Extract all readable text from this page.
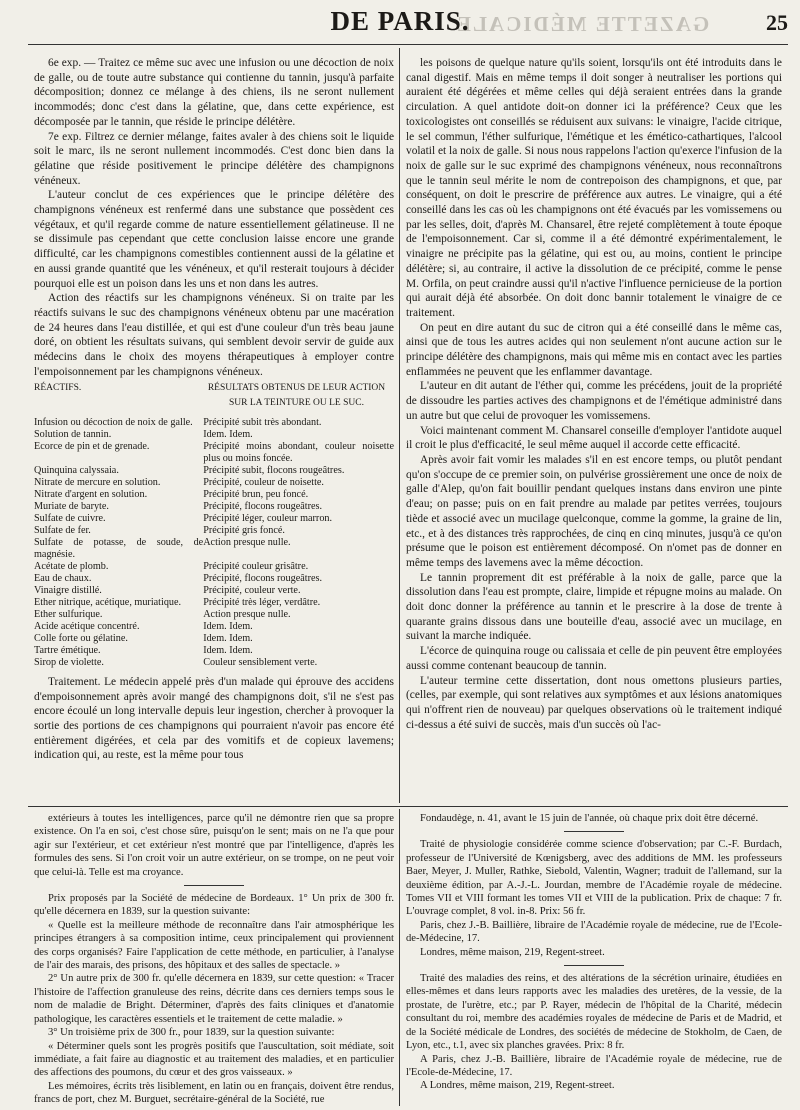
GAZETTE MÉDICALE
DE PARIS.	25

6e exp. — Traitez ce même suc avec une infusion ou une décoction de noix de galle, ou de toute autre substance qui contienne du tannin, jusqu'à parfaite décomposition; donnez ce mélange à des chiens, ils ne seront nullement incommodés; donc c'est dans la gélatine, que, dans cette expérience, est décomposée par le tannin, que réside le principe délétère.

7e exp. Filtrez ce dernier mélange, faites avaler à des chiens soit le liquide soit le marc, ils ne seront nullement incommodés. C'est donc bien dans la gélatine que réside positivement le principe délétère des champignons vénéneux.

L'auteur conclut de ces expériences que le principe délétère des champignons vénéneux est renfermé dans une substance que possèdent ces végétaux, et qu'il regarde comme de nature essentiellement gélatineuse. Il ne se dissimule pas cependant que cette conclusion laisse encore une grande difficulté, car les champignons comestibles contiennent aussi de la gélatine et en aussi grande quantité que les vénéneux, et qu'il resterait toujours à décider pourquoi elle est un poison dans les uns et non dans les autres.

Action des réactifs sur les champignons vénéneux. Si on traite par les réactifs suivans le suc des champignons vénéneux obtenu par une macération de 24 heures dans l'eau distillée, et qui est d'une couleur d'un très beau jaune doré, on obtient les résultats suivans, qui semblent devoir servir de guide aux médecins dans le choix des moyens thérapeutiques à employer contre l'empoisonnement par les champignons vénéneux.

RÉACTIFS.	RÉSULTATS OBTENUS DE LEUR ACTION SUR LA TEINTURE OU LE SUC.
Infusion ou décoction de noix de galle.	Précipité subit très abondant.
Solution de tannin.	Idem. Idem.
Ecorce de pin et de grenade.	Précipité moins abondant, couleur noisette plus ou moins foncée.
Quinquina calyssaia.	Précipité subit, flocons rougeâtres.
Nitrate de mercure en solution.	Précipité, couleur de noisette.
Nitrate d'argent en solution.	Précipité brun, peu foncé.
Muriate de baryte.	Précipité, flocons rougeâtres.
Sulfate de cuivre.	Précipité léger, couleur marron.
Sulfate de fer.	Précipité gris foncé.
Sulfate de potasse, de soude, de magnésie.	Action presque nulle.
Acétate de plomb.	Précipité couleur grisâtre.
Eau de chaux.	Précipité, flocons rougeâtres.
Vinaigre distillé.	Précipité, couleur verte.
Ether nitrique, acétique, muriatique.	Précipité très léger, verdâtre.
Ether sulfurique.	Action presque nulle.
Acide acétique concentré.	Idem. Idem.
Colle forte ou gélatine.	Idem. Idem.
Tartre émétique.	Idem. Idem.
Sirop de violette.	Couleur sensiblement verte.

Traitement. Le médecin appelé près d'un malade qui éprouve des accidens d'empoisonnement après avoir mangé des champignons doit, s'il ne s'est pas encore écoulé un long intervalle depuis leur ingestion, chercher à provoquer la sortie des portions de ces champignons qui pourraient n'avoir pas encore été entièrement digérées, et cela par des vomitifs et de copieux lavemens; indication qui, au reste, est la même pour tous

les poisons de quelque nature qu'ils soient, lorsqu'ils ont été introduits dans le canal digestif. Mais en même temps il doit songer à neutraliser les portions qui auraient été dégérées et même celles qui déjà seraient entrées dans la grande circulation. A quel antidote doit-on donner ici la préférence? Ceux que les toxicologistes ont conseillés se réduisent aux suivans: le vinaigre, l'acide citrique, le sel commun, l'éther sulfurique, l'émétique et les émético-cathartiques, l'alcool volatil et la noix de galle. Si nous nous rappelons l'action qu'exerce l'infusion de la noix de galle sur le suc exprimé des champignons vénéneux, nous reconnaîtrons que le tannin seul mérite le nom de contrepoison des champignons, et que, par conséquent, on doit le prescrire de préférence aux autres. Le vinaigre, qui a été conseillé dans les cas où les champignons ont été évacués par les vomissemens ou par les selles, doit, d'après M. Chansarel, être rejeté complètement à toute époque de l'empoisonnement. Car si, comme il a été démontré expérimentalement, le vinaigre ne précipite pas la gélatine, qui est ou, au moins, contient le principe délétère; si, au contraire, il active la dissolution de ce précipité, comme le pense M. Orfila, on peut craindre aussi qu'il n'active l'influence pernicieuse de la portion qui aurait déjà été absorbée. On doit donc bannir totalement le vinaigre de ce traitement.

On peut en dire autant du suc de citron qui a été conseillé dans le même cas, ainsi que de tous les autres acides qui non seulement n'ont aucune action sur le principe délétère des champignons, mais qui même mis en contact avec les parties enflammées ne peuvent que les enflammer davantage.

L'auteur en dit autant de l'éther qui, comme les précédens, jouit de la propriété de dissoudre les parties actives des champignons et de l'émétique administré dans un autre but que celui de provoquer les vomissemens.

Voici maintenant comment M. Chansarel conseille d'employer l'antidote auquel il croit le plus d'efficacité, le seul même auquel il accorde cette efficacité.

Après avoir fait vomir les malades s'il en est encore temps, ou plutôt pendant qu'on s'occupe de ce premier soin, on pulvérise grossièrement une once de noix de galle d'Alep, qu'on fait bouillir pendant quelques instans dans environ une pinte d'eau; on passe; puis on en fait prendre au malade par petites verrées, toujours tiède et associé avec un mucilage quelconque, comme la gomme, la graine de lin, etc., et à des distances très rapprochées, de cinq en cinq minutes, jusqu'à ce qu'on présume que le poison est entièrement décomposé. On n'omet pas de donner en même temps des lavemens avec la même décoction.

Le tannin proprement dit est préférable à la noix de galle, parce que la dissolution dans l'eau est prompte, claire, limpide et répugne moins au malade. On doit donc donner la préférence au tannin et le prescrire à la dose de trente à quarante grains dissous dans une bouteille d'eau, associé avec un mucilage, en suivant la marche indiquée.

L'écorce de quinquina rouge ou calissaia et celle de pin peuvent être employées aussi comme contenant beaucoup de tannin.

L'auteur termine cette dissertation, dont nous omettons plusieurs parties, (celles, par exemple, qui sont relatives aux symptômes et aux lésions anatomiques qui n'offrent rien de nouveau) par quelques observations où le traitement indiqué ci-dessus a été suivi de succès, mais d'un succès où l'ac-

extérieurs à toutes les intelligences, parce qu'il ne démontre rien que sa propre existence. On l'a en soi, c'est chose sûre, puisqu'on le sent; mais on ne l'a que pour agir sur l'extérieur, et cet extérieur n'est montré que par l'intelligence, d'après les formules des sens. Si l'on croit voir un autre extérieur, on se trompe, on ne peut voir que celui-là. Telle est ma croyance.

Prix proposés par la Société de médecine de Bordeaux. 1° Un prix de 300 fr. qu'elle décernera en 1839, sur la question suivante:

« Quelle est la meilleure méthode de reconnaître dans l'air atmosphérique les principes étrangers à sa composition intime, ceux principalement qui proviennent des corps organisés? Faire l'application de cette méthode, en particulier, à l'analyse de l'air des marais, des prisons, des hôpitaux et des salles de spectacle. »

2° Un autre prix de 300 fr. qu'elle décernera en 1839, sur cette question: « Tracer l'histoire de l'affection granuleuse des reins, décrite dans ces derniers temps sous le nom de maladie de Bright. Déterminer, d'après des faits cliniques et d'anatomie pathologique, les caractères essentiels et le traitement de cette maladie. »

3° Un troisième prix de 300 fr., pour 1839, sur la question suivante:

« Déterminer quels sont les progrès positifs que l'auscultation, soit médiate, soit immédiate, a fait faire au diagnostic et au traitement des maladies, et en particulier des affections des poumons, du cœur et des gros vaisseaux. »

Les mémoires, écrits très lisiblement, en latin ou en français, doivent être rendus, francs de port, chez M. Burguet, secrétaire-général de la Société, rue

Fondaudège, n. 41, avant le 15 juin de l'année, où chaque prix doit être décerné.

Traité de physiologie considérée comme science d'observation; par C.-F. Burdach, professeur de l'Université de Kœnigsberg, avec des additions de MM. les professeurs Baer, Meyer, J. Muller, Rathke, Siebold, Valentin, Wagner; traduit de l'allemand, sur la deuxième édition, par A.-J.-L. Jourdan, membre de l'Académie royale de médecine. Tomes VII et VIII formant les tomes VII et VIII de la publication. Prix de chaque: 7 fr. L'ouvrage complet, 8 vol. in-8. Prix: 56 fr.

Paris, chez J.-B. Baillière, libraire de l'Académie royale de médecine, rue de l'Ecole-de-Médecine, 17.

Londres, même maison, 219, Regent-street.

Traité des maladies des reins, et des altérations de la sécrétion urinaire, étudiées en elles-mêmes et dans leurs rapports avec les maladies des uretères, de la vessie, de la prostate, de l'urètre, etc.; par P. Rayer, médecin de l'hôpital de la Charité, médecin consultant du roi, membre des académies royales de médecine de Paris et de Madrid, et de la Société médicale de Londres, des sociétés de médecine de Stokholm, de Caen, de Lyon, etc., t.1, avec six planches gravées. Prix: 8 fr.

A Paris, chez J.-B. Baillière, libraire de l'Académie royale de médecine, rue de l'Ecole-de-Médecine, 17.

A Londres, même maison, 219, Regent-street.
